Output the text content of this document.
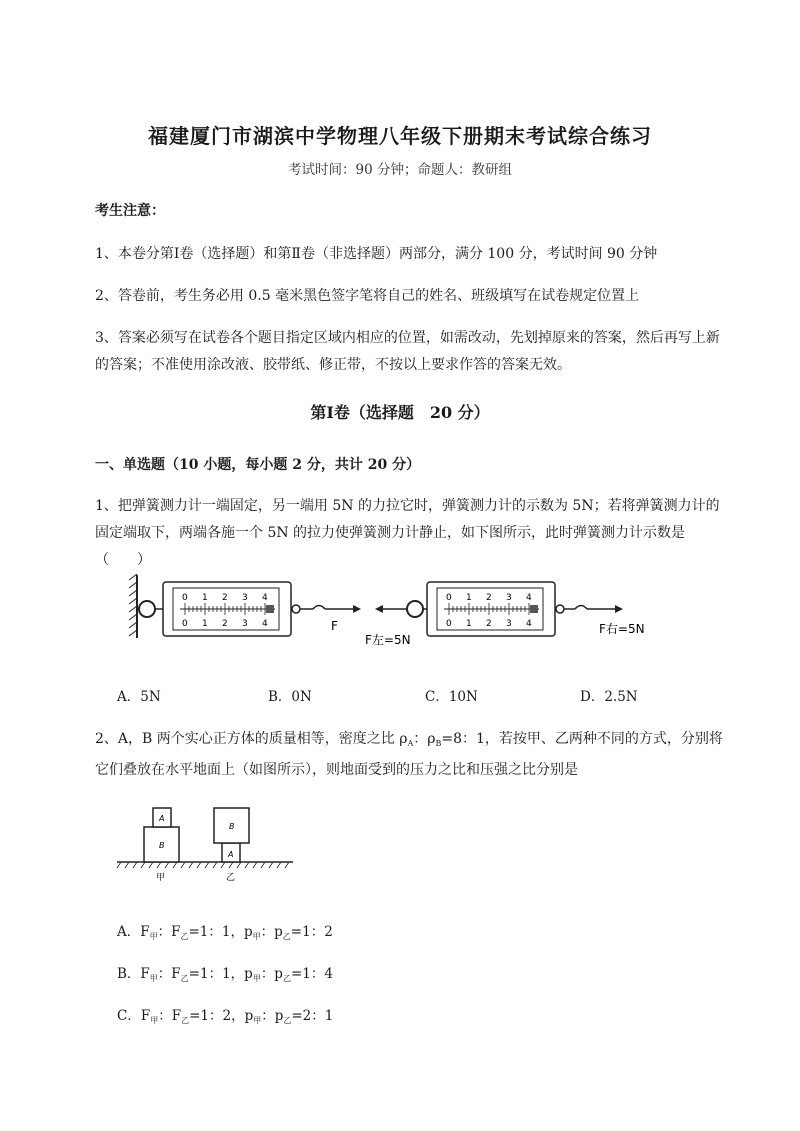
福建厦门市湖滨中学物理八年级下册期末考试综合练习
考试时间：90 分钟；命题人：教研组
考生注意：
1、本卷分第Ⅰ卷（选择题）和第Ⅱ卷（非选择题）两部分，满分 100 分，考试时间 90 分钟
2、答卷前，考生务必用 0.5 毫米黑色签字笔将自己的姓名、班级填写在试卷规定位置上
3、答案必须写在试卷各个题目指定区域内相应的位置，如需改动，先划掉原来的答案，然后再写上新的答案；不准使用涂改液、胶带纸、修正带，不按以上要求作答的答案无效。
第Ⅰ卷（选择题　20 分）
一、单选题（10 小题，每小题 2 分，共计 20 分）
1、把弹簧测力计一端固定，另一端用 5N 的力拉它时，弹簧测力计的示数为 5N；若将弹簧测力计的固定端取下，两端各施一个 5N 的拉力使弹簧测力计静止，如下图所示，此时弹簧测力计示数是（　　）
0 1 2 3 4
0 1 2 3 4	F
0 1 2 3 4
0 1 2 3 4
F左=5N
F右=5N
A．5N	B．0N	C．10N	D．2.5N
2、A，B 两个实心正方体的质量相等，密度之比 $\rho_A$：$\rho_B=8$：1，若按甲、乙两种不同的方式，分别将它们叠放在水平地面上（如图所示），则地面受到的压力之比和压强之比分别是
A
B
甲
B
A
乙
A．$F_甲$：$F_乙=1$：1，$p_甲$：$p_乙=1$：2
B．$F_甲$：$F_乙=1$：1，$p_甲$：$p_乙=1$：4
C．$F_甲$：$F_乙=1$：2，$p_甲$：$p_乙=2$：1
